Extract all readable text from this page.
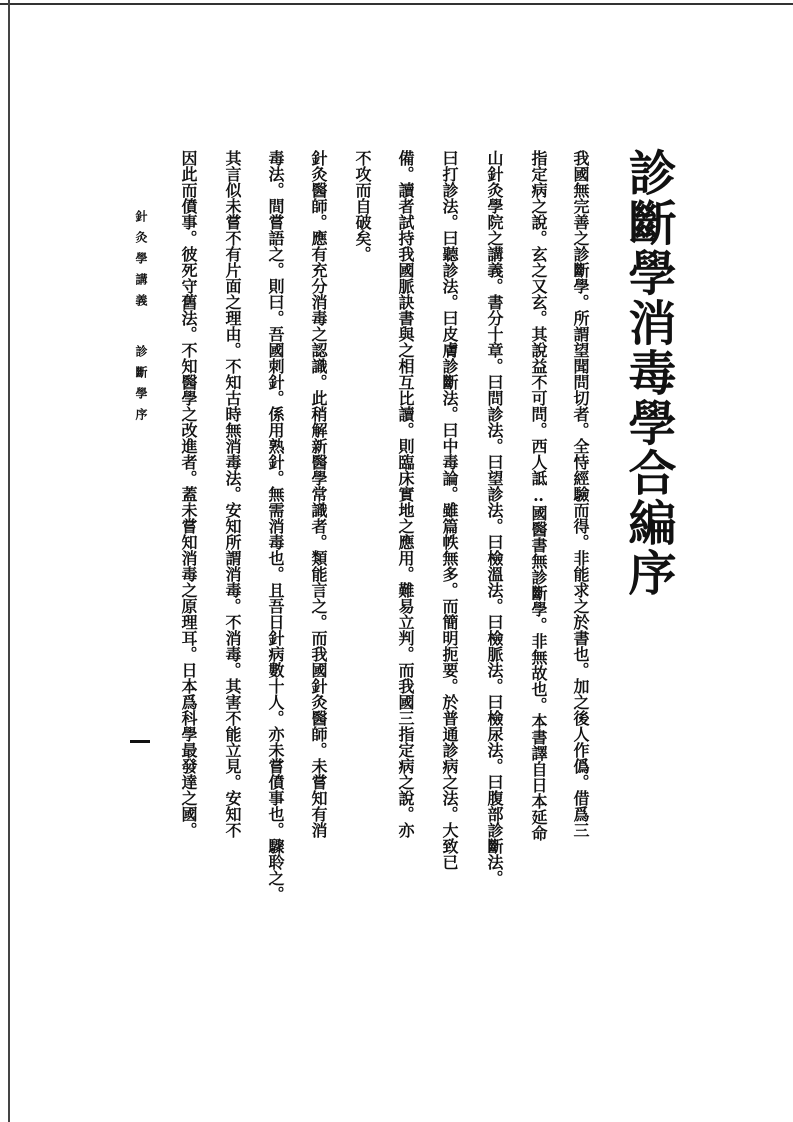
診斷學消毒學合編序
我國無完善之診斷學。所謂望聞問切者。全恃經驗而得。非能求之於書也。加之後人作僞。借爲三
指定病之說。玄之又玄。其說益不可問。西人詆‥國醫書無診斷學。非無故也。本書譯自日本延命
山針灸學院之講義。書分十章。曰問診法。曰望診法。曰檢溫法。曰檢脈法。曰檢尿法。曰腹部診斷法。
曰打診法。曰聽診法。曰皮膚診斷法。曰中毒論。雖篇帙無多。而簡明扼要。於普通診病之法。大致已
備。讀者試持我國脈訣書與之相互比讀。則臨床實地之應用。難易立判。而我國三指定病之說。亦
不攻而自破矣。
針灸醫師。應有充分消毒之認識。此稍解新醫學常識者。類能言之。而我國針灸醫師。未嘗知有消
毒法。間嘗語之。則曰。吾國刺針。係用熟針。無需消毒也。且吾日針病數十人。亦未嘗僨事也。驟聆之。
其言似未嘗不有片面之理由。不知古時無消毒法。安知所謂消毒。不消毒。其害不能立見。安知不
因此而僨事。彼死守舊法。不知醫學之改進者。蓋未嘗知消毒之原理耳。日本爲科學最發達之國。
針灸學講義診斷學序
